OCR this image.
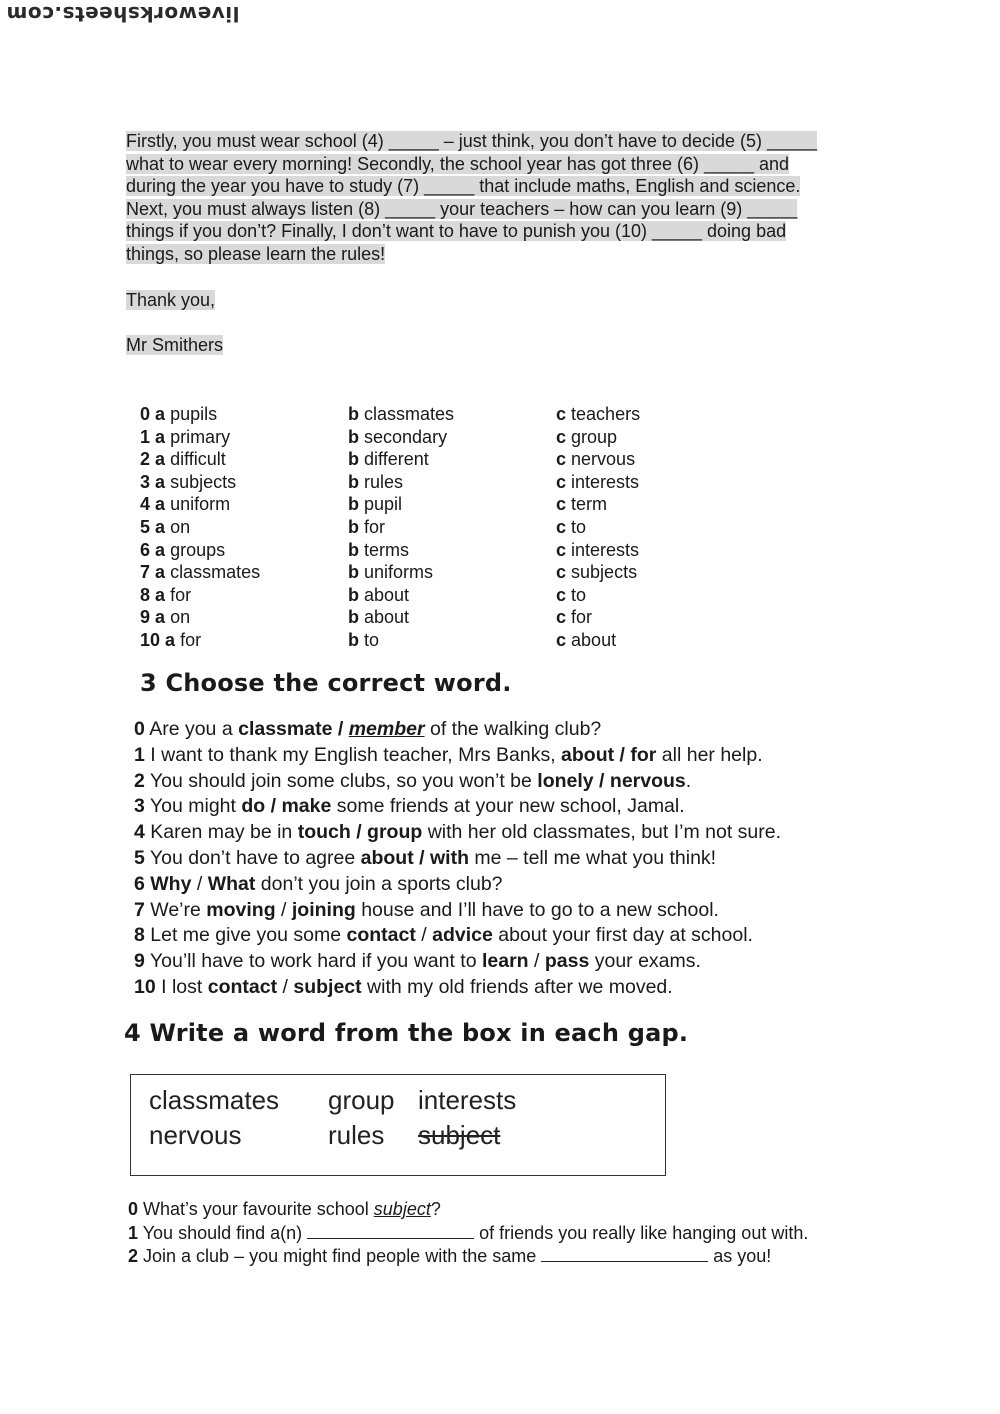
liveworksheets.com
Firstly, you must wear school (4) _____ – just think, you don’t have to decide (5) _____
what to wear every morning! Secondly, the school year has got three (6) _____ and
during the year you have to study (7) _____ that include maths, English and science.
Next, you must always listen (8) _____ your teachers – how can you learn (9) _____
things if you don’t? Finally, I don’t want to have to punish you (10) _____ doing bad
things, so please learn the rules!
Thank you,
Mr Smithers
0 a pupils	b classmates	c teachers
1 a primary	b secondary	c group
2 a difficult	b different	c nervous
3 a subjects	b rules	c interests
4 a uniform	b pupil	c term
5 a on	b for	c to
6 a groups	b terms	c interests
7 a classmates	b uniforms	c subjects
8 a for	b about	c to
9 a on	b about	c for
10 a for	b to	c about
3 Choose the correct word.
0 Are you a classmate / member of the walking club?
1 I want to thank my English teacher, Mrs Banks, about / for all her help.
2 You should join some clubs, so you won’t be lonely / nervous.
3 You might do / make some friends at your new school, Jamal.
4 Karen may be in touch / group with her old classmates, but I’m not sure.
5 You don’t have to agree about / with me – tell me what you think!
6 Why / What don’t you join a sports club?
7 We’re moving / joining house and I’ll have to go to a new school.
8 Let me give you some contact / advice about your first day at school.
9 You’ll have to work hard if you want to learn / pass your exams.
10 I lost contact / subject with my old friends after we moved.
4 Write a word from the box in each gap.
classmates	group interests
nervous	rules	subject
0 What’s your favourite school subject?
1 You should find a(n)	of friends you really like hanging out with.
2 Join a club – you might find people with the same	as you!
